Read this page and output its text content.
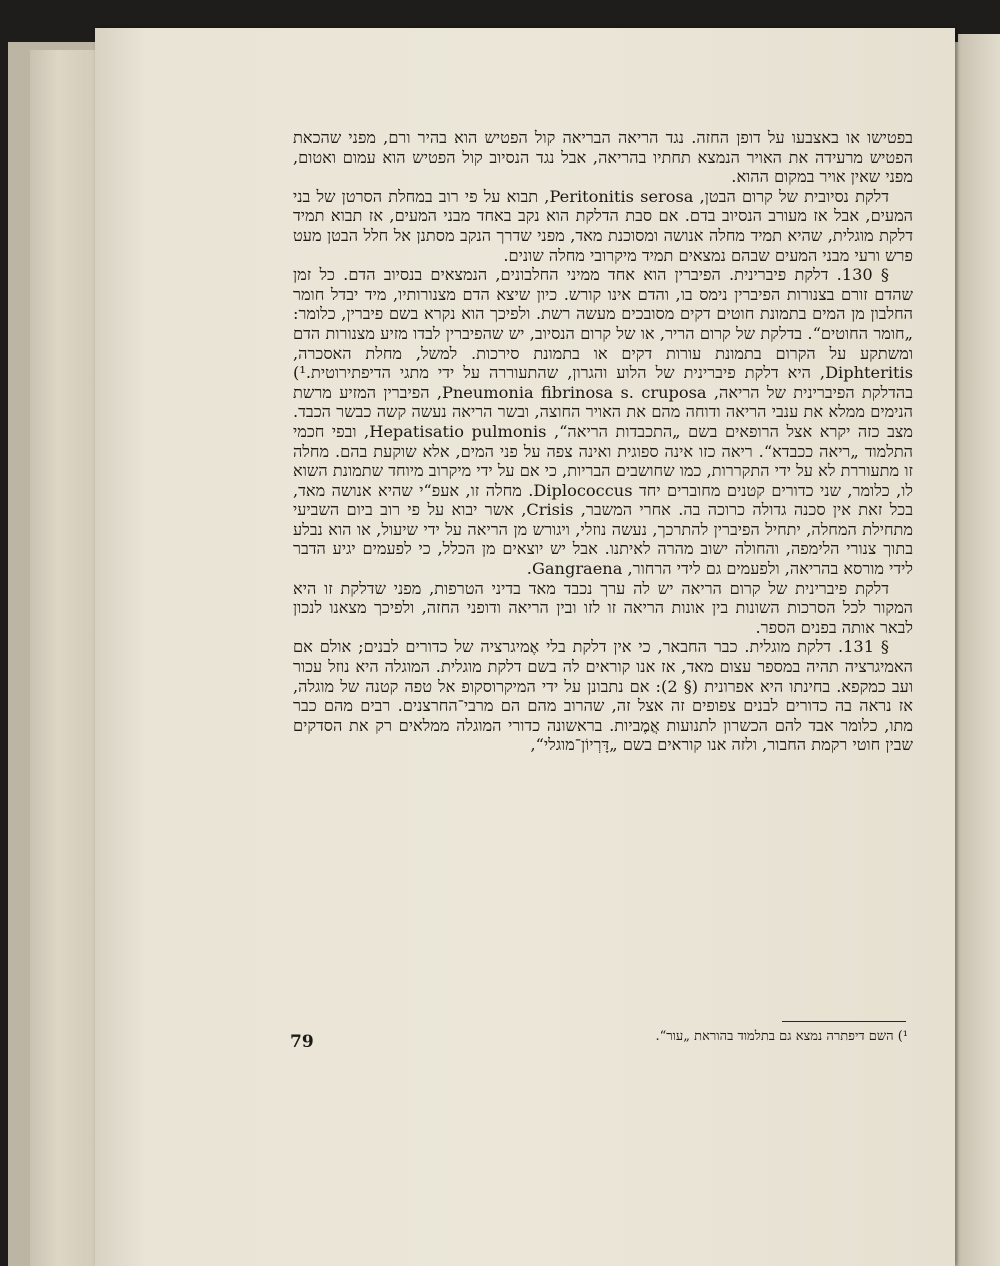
בפטישו או באצבעו על דופן החזה. נגד הריאה הבריאה קול הפטיש הוא בהיר ורם, מפני שהכאת הפטיש מרעידה את האויר הנמצא תחתיו בהריאה, אבל נגד הנסיוב קול הפטיש הוא עמום ואטום, מפני שאין אויר במקום ההוא.

דלקת נסיובית של קרום הבטן, Peritonitis serosa, תבוא על פי רוב במחלת הסרטן של בני המעים, אבל אז מעורב הנסיוב בדם. אם סבת הדלקת הוא נקב באחד מבני המעים, אז תבוא תמיד דלקת מוגלית, שהיא תמיד מחלה אנושה ומסוכנת מאד, מפני שדרך הנקב מסתנן אל חלל הבטן מעט פרש ורעי מבני המעים שבהם נמצאים תמיד מיקרובי מחלה שונים.

§ 130. דלקת פיברינית. הפיברין הוא אחד ממיני החלבונים, הנמצאים בנסיוב הדם. כל זמן שהדם זורם בצנורות הפיברין נימס בו, והדם אינו קורש. כיון שיצא הדם מצנורותיו, מיד יבדל חומר החלבון מן המים בתמונת חוטים דקים מסובכים מעשה רשת. ולפיכך הוא נקרא בשם פיברין, כלומר: „חומר החוטים“. בדלקת של קרום הריר, או של קרום הנסיוב, יש שהפיברין לבדו מזיע מצנורות הדם ומשתקע על הקרום בתמונת עורות דקים או בתמונת סירכות. למשל, מחלת האסכרה, Diphteritis, היא דלקת פיברינית של הלוע והגרון, שהתעוררה על ידי מתגי הדיפתירוטית.¹) בהדלקת הפיברינית של הריאה, Pneumonia fibrinosa s. cruposa, הפיברין המזיע מרשת הנימים ממלא את ענבי הריאה ודוחה מהם את האויר החוצה, ובשר הריאה נעשה קשה כבשר הכבד. מצב כזה יקרא אצל הרופאים בשם „התכבדות הריאה“, Hepatisatio pulmonis, ובפי חכמי התלמוד „ריאה ככבדא“. ריאה כזו אינה ספוגית ואינה צפה על פני המים, אלא שוקעת בהם. מחלה זו מתעוררת לא על ידי התקררות, כמו שחושבים הבריות, כי אם על ידי מיקרוב מיוחד שתמונת השוא לו, כלומר, שני כדורים קטנים מחוברים יחד Diplococcus. מחלה זו, אעפ“י שהיא אנושה מאד, בכל זאת אין סכנה גדולה כרוכה בה. אחרי המשבר, Crisis, אשר יבוא על פי רוב ביום השביעי מתחילת המחלה, יתחיל הפיברין להתרכך, נעשה נוזלי, ויגורש מן הריאה על ידי שיעול, או הוא נבלע בתוך צנורי הלימפה, והחולה ישוב מהרה לאיתנו. אבל יש יוצאים מן הכלל, כי לפעמים יגיע הדבר לידי מורסא בהריאה, ולפעמים גם לידי הרחור, Gangraena.

דלקת פיברינית של קרום הריאה יש לה ערך נכבד מאד בדיני הטרפות, מפני שדלקת זו היא המקור לכל הסרכות השונות בין אונות הריאה זו לזו ובין הריאה ודופני החזה, ולפיכך מצאנו לנכון לבאר אותה בפנים הספר.

§ 131. דלקת מוגלית. כבר החבאר, כי אין דלקת בלי אֶמיגרציה של כדורים לבנים; אולם אם האמיגרציה תהיה במספר עצום מאד, אז אנו קוראים לה בשם דלקת מוגלית. המוגלה היא נוזל עכור ועב כמקפא. בחינתו היא אפרונית (§ 2): אם נתבונן על ידי המיקרוסקופ אל טפה קטנה של מוגלה, אז נראה בה כדורים לבנים צפופים זה אצל זה, שהרוב מהם הם מרבי־החרצנים. רבים מהם כבר מתו, כלומר אבד להם הכשרון לתנועות אֲמֶביות. בראשונה כדורי המוגלה ממלאים רק את הסדקים שבין חוטי רקמת החבור, ולזה אנו קוראים בשם „דָּרְיוֹן־מוגלי“,

¹) השם דיפתרה נמצא גם בתלמוד בהוראת „עור“.
79
